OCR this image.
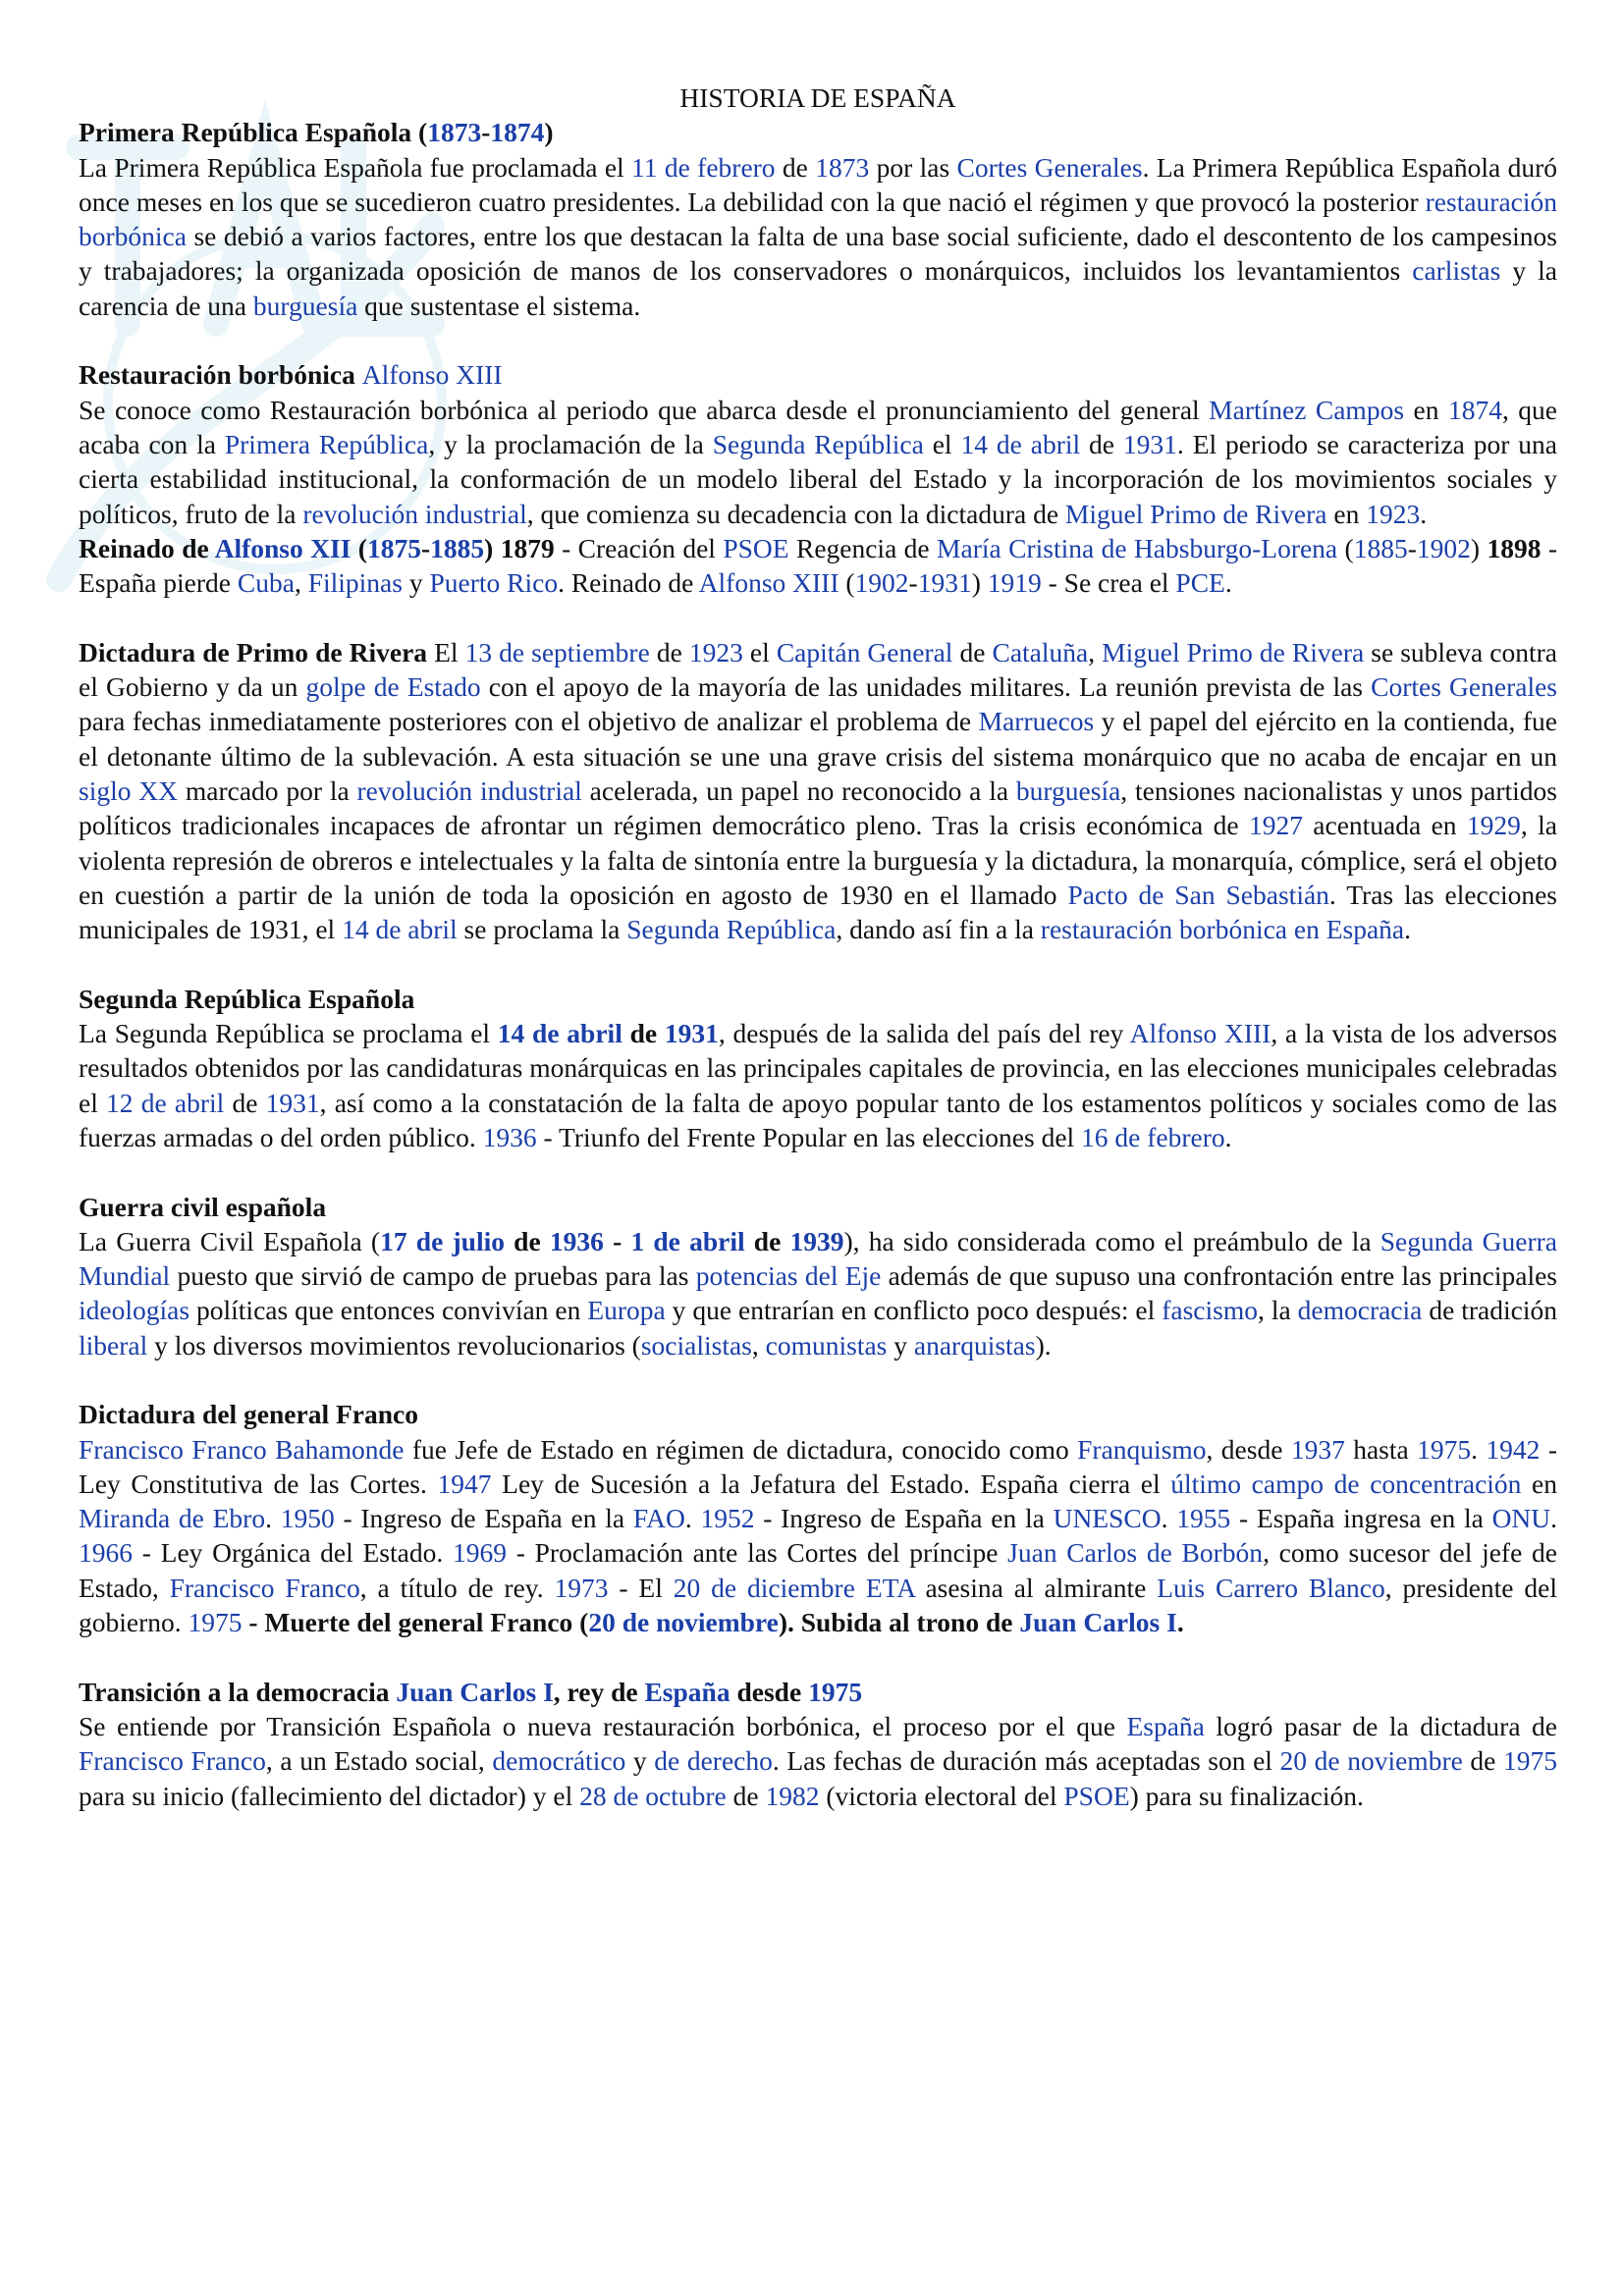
HISTORIA DE ESPAÑA
Primera República Española (1873-1874)

La Primera República Española fue proclamada el 11 de febrero de 1873 por las Cortes Generales. La Primera República Española duró once meses en los que se sucedieron cuatro presidentes. La debilidad con la que nació el régimen y que provocó la posterior restauración borbónica se debió a varios factores, entre los que destacan la falta de una base social suficiente, dado el descontento de los campesinos y trabajadores; la organizada oposición de manos de los conservadores o monárquicos, incluidos los levantamientos carlistas y la carencia de una burguesía que sustentase el sistema.

Restauración borbónica Alfonso XIII

Se conoce como Restauración borbónica al periodo que abarca desde el pronunciamiento del general Martínez Campos en 1874, que acaba con la Primera República, y la proclamación de la Segunda República el 14 de abril de 1931. El periodo se caracteriza por una cierta estabilidad institucional, la conformación de un modelo liberal del Estado y la incorporación de los movimientos sociales y políticos, fruto de la revolución industrial, que comienza su decadencia con la dictadura de Miguel Primo de Rivera en 1923.

Reinado de Alfonso XII (1875-1885) 1879 - Creación del PSOE Regencia de María Cristina de Habsburgo-Lorena (1885-1902) 1898 - España pierde Cuba, Filipinas y Puerto Rico. Reinado de Alfonso XIII (1902-1931) 1919 - Se crea el PCE.

Dictadura de Primo de Rivera El 13 de septiembre de 1923 el Capitán General de Cataluña, Miguel Primo de Rivera se subleva contra el Gobierno y da un golpe de Estado con el apoyo de la mayoría de las unidades militares. La reunión prevista de las Cortes Generales para fechas inmediatamente posteriores con el objetivo de analizar el problema de Marruecos y el papel del ejército en la contienda, fue el detonante último de la sublevación. A esta situación se une una grave crisis del sistema monárquico que no acaba de encajar en un siglo XX marcado por la revolución industrial acelerada, un papel no reconocido a la burguesía, tensiones nacionalistas y unos partidos políticos tradicionales incapaces de afrontar un régimen democrático pleno. Tras la crisis económica de 1927 acentuada en 1929, la violenta represión de obreros e intelectuales y la falta de sintonía entre la burguesía y la dictadura, la monarquía, cómplice, será el objeto en cuestión a partir de la unión de toda la oposición en agosto de 1930 en el llamado Pacto de San Sebastián. Tras las elecciones municipales de 1931, el 14 de abril se proclama la Segunda República, dando así fin a la restauración borbónica en España.

Segunda República Española

La Segunda República se proclama el 14 de abril de 1931, después de la salida del país del rey Alfonso XIII, a la vista de los adversos resultados obtenidos por las candidaturas monárquicas en las principales capitales de provincia, en las elecciones municipales celebradas el 12 de abril de 1931, así como a la constatación de la falta de apoyo popular tanto de los estamentos políticos y sociales como de las fuerzas armadas o del orden público. 1936 - Triunfo del Frente Popular en las elecciones del 16 de febrero.

Guerra civil española

La Guerra Civil Española (17 de julio de 1936 - 1 de abril de 1939), ha sido considerada como el preámbulo de la Segunda Guerra Mundial puesto que sirvió de campo de pruebas para las potencias del Eje además de que supuso una confrontación entre las principales ideologías políticas que entonces convivían en Europa y que entrarían en conflicto poco después: el fascismo, la democracia de tradición liberal y los diversos movimientos revolucionarios (socialistas, comunistas y anarquistas).

Dictadura del general Franco

Francisco Franco Bahamonde fue Jefe de Estado en régimen de dictadura, conocido como Franquismo, desde 1937 hasta 1975. 1942 - Ley Constitutiva de las Cortes. 1947 Ley de Sucesión a la Jefatura del Estado. España cierra el último campo de concentración en Miranda de Ebro. 1950 - Ingreso de España en la FAO. 1952 - Ingreso de España en la UNESCO. 1955 - España ingresa en la ONU. 1966 - Ley Orgánica del Estado. 1969 - Proclamación ante las Cortes del príncipe Juan Carlos de Borbón, como sucesor del jefe de Estado, Francisco Franco, a título de rey. 1973 - El 20 de diciembre ETA asesina al almirante Luis Carrero Blanco, presidente del gobierno. 1975 - Muerte del general Franco (20 de noviembre). Subida al trono de Juan Carlos I.

Transición a la democracia Juan Carlos I, rey de España desde 1975

Se entiende por Transición Española o nueva restauración borbónica, el proceso por el que España logró pasar de la dictadura de Francisco Franco, a un Estado social, democrático y de derecho. Las fechas de duración más aceptadas son el 20 de noviembre de 1975 para su inicio (fallecimiento del dictador) y el 28 de octubre de 1982 (victoria electoral del PSOE) para su finalización.
